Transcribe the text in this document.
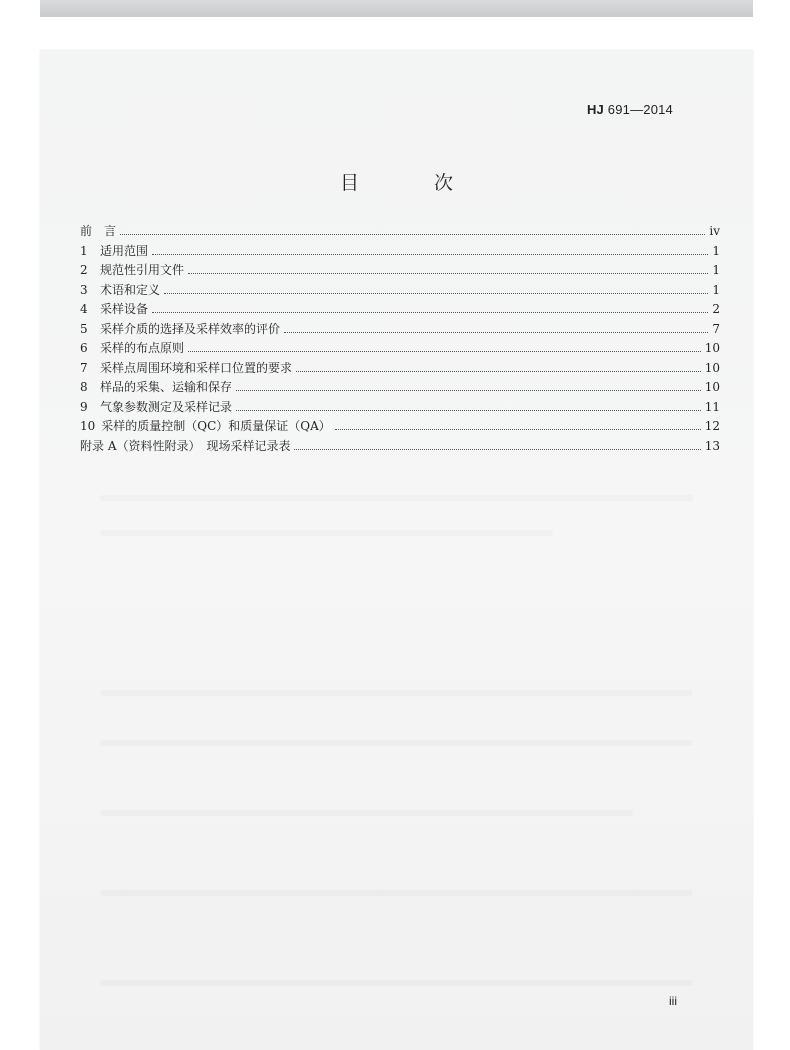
HJ 691—2014
目　次
前　言	iv
1	适用范围	1
2	规范性引用文件	1
3	术语和定义	1
4	采样设备	2
5	采样介质的选择及采样效率的评价	7
6	采样的布点原则	10
7	采样点周围环境和采样口位置的要求	10
8	样品的采集、运输和保存	10
9	气象参数测定及采样记录	11
10 采样的质量控制（QC）和质量保证（QA）	12
附录 A（资料性附录）　现场采样记录表	13
iii
